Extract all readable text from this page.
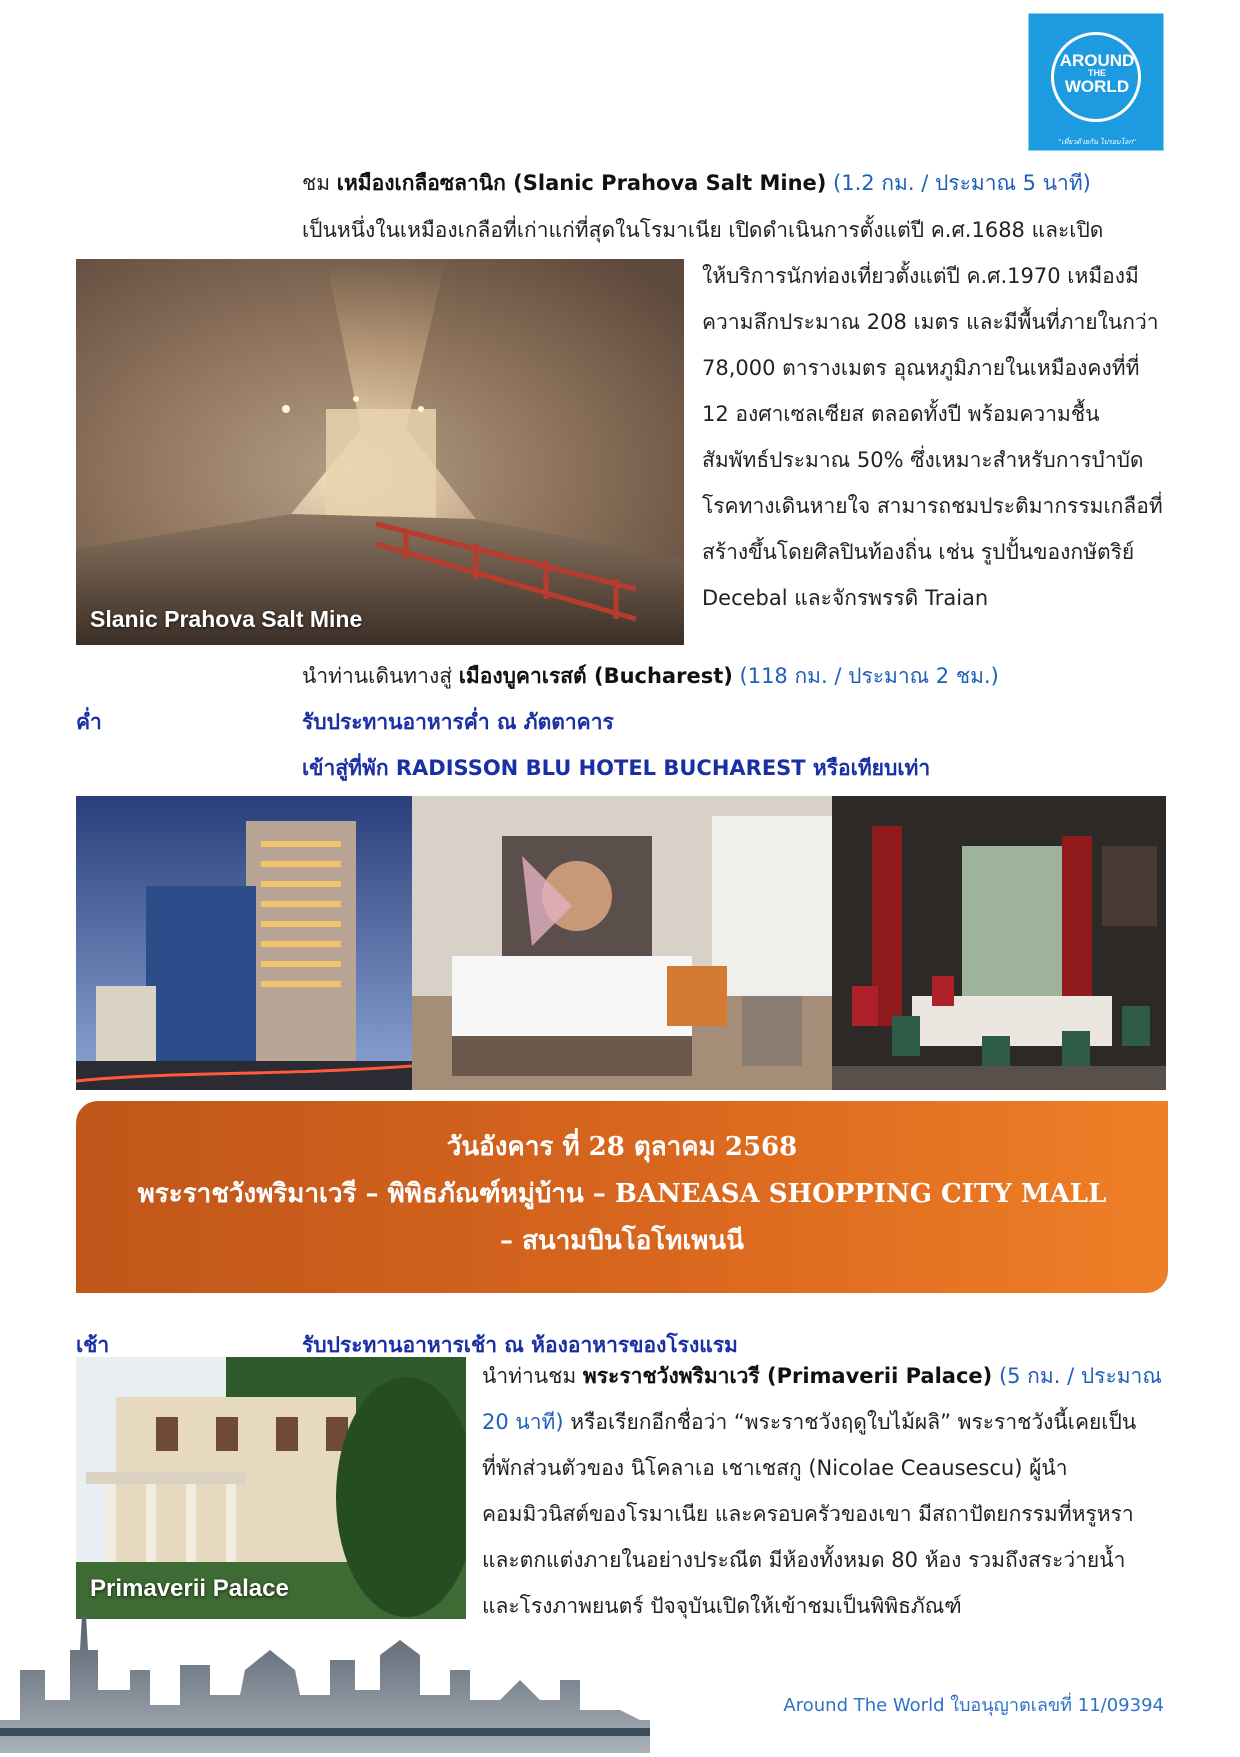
AROUND
THE
WORLD
"เที่ยวด้วยกัน ไปรอบโลก"
ชม เหมืองเกลือซลานิก (Slanic Prahova Salt Mine) (1.2 กม. / ประมาณ 5 นาที)
เป็นหนึ่งในเหมืองเกลือที่เก่าแก่ที่สุดในโรมาเนีย เปิดดำเนินการตั้งแต่ปี ค.ศ.1688 และเปิด
Slanic Prahova Salt Mine
ให้บริการนักท่องเที่ยวตั้งแต่ปี ค.ศ.1970 เหมืองมี
ความลึกประมาณ 208 เมตร และมีพื้นที่ภายในกว่า
78,000 ตารางเมตร อุณหภูมิภายในเหมืองคงที่ที่
12 องศาเซลเซียส ตลอดทั้งปี พร้อมความชื้น
สัมพัทธ์ประมาณ 50% ซึ่งเหมาะสำหรับการบำบัด
โรคทางเดินหายใจ สามารถชมประติมากรรมเกลือที่
สร้างขึ้นโดยศิลปินท้องถิ่น เช่น รูปปั้นของกษัตริย์
Decebal และจักรพรรดิ Traian
นำท่านเดินทางสู่ เมืองบูคาเรสต์ (Bucharest) (118 กม. / ประมาณ 2 ชม.)
ค่ำ	รับประทานอาหารค่ำ ณ ภัตตาคาร
เข้าสู่ที่พัก RADISSON BLU HOTEL BUCHAREST หรือเทียบเท่า
วันอังคาร ที่ 28 ตุลาคม 2568
พระราชวังพริมาเวรี – พิพิธภัณฑ์หมู่บ้าน – BANEASA SHOPPING CITY MALL
– สนามบินโอโทเพนนี
เช้า	รับประทานอาหารเช้า ณ ห้องอาหารของโรงแรม
Primaverii Palace
นำท่านชม พระราชวังพริมาเวรี (Primaverii Palace) (5 กม. / ประมาณ
20 นาที) หรือเรียกอีกชื่อว่า “พระราชวังฤดูใบไม้ผลิ” พระราชวังนี้เคยเป็น
ที่พักส่วนตัวของ นิโคลาเอ เชาเชสกู (Nicolae Ceausescu) ผู้นำ
คอมมิวนิสต์ของโรมาเนีย และครอบครัวของเขา มีสถาปัตยกรรมที่หรูหรา
และตกแต่งภายในอย่างประณีต มีห้องทั้งหมด 80 ห้อง รวมถึงสระว่ายน้ำ
และโรงภาพยนตร์ ปัจจุบันเปิดให้เข้าชมเป็นพิพิธภัณฑ์
Around The World ใบอนุญาตเลขที่ 11/09394
